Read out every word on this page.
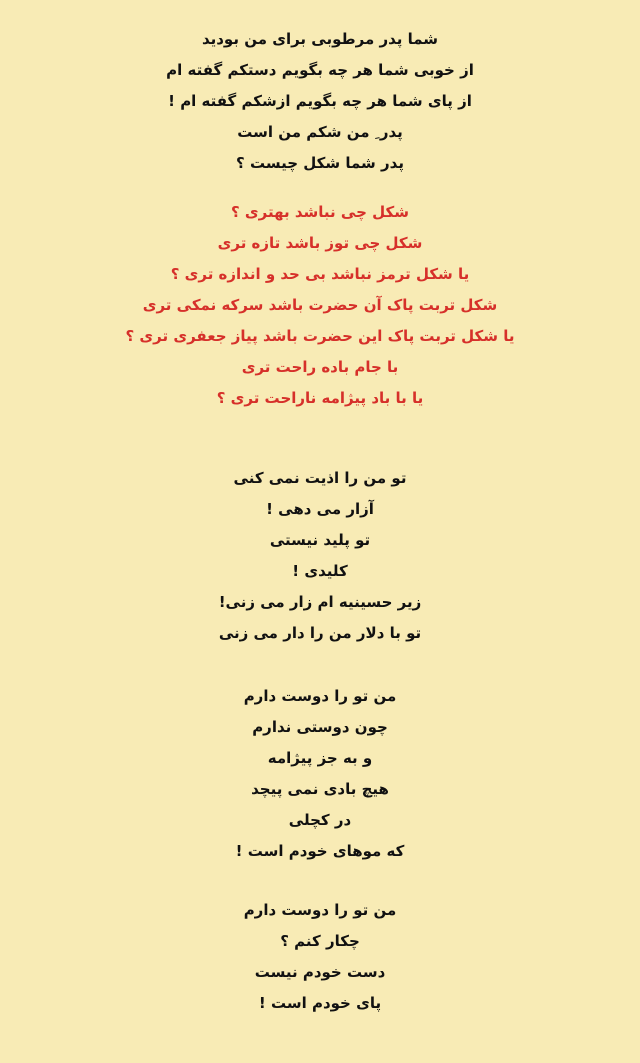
شما پدر مرطوبی برای من بودید
از خوبی شما هر چه بگویم دستکم گفته ام
از پای شما هر چه بگویم ازشکم گفته ام !
پدر ِ من شکم من است
پدر شما شکل چیست ؟
شکل چی نباشد بهتری ؟
شکل چی توز باشد تازه تری
یا شکل ترمز نباشد بی حد و اندازه تری ؟
شکل تربت پاک آن حضرت باشد سرکه نمکی تری
یا شکل تربت پاک این حضرت باشد پیاز جعفری تری ؟
با جام باده راحت تری
یا با باد پیژامه ناراحت تری ؟
تو من را اذیت نمی کنی
آزار می دهی !
تو پلید نیستی
کلیدی !
زیر حسینیه ام زار می زنی!
تو با دلار من را دار می زنی
من تو را دوست دارم
چون دوستی ندارم
و به جز پیژامه
هیچ بادی نمی پیچد
در کچلی
که موهای خودم است !
من تو را دوست دارم
چکار کنم ؟
دست خودم نیست
پای خودم است !
